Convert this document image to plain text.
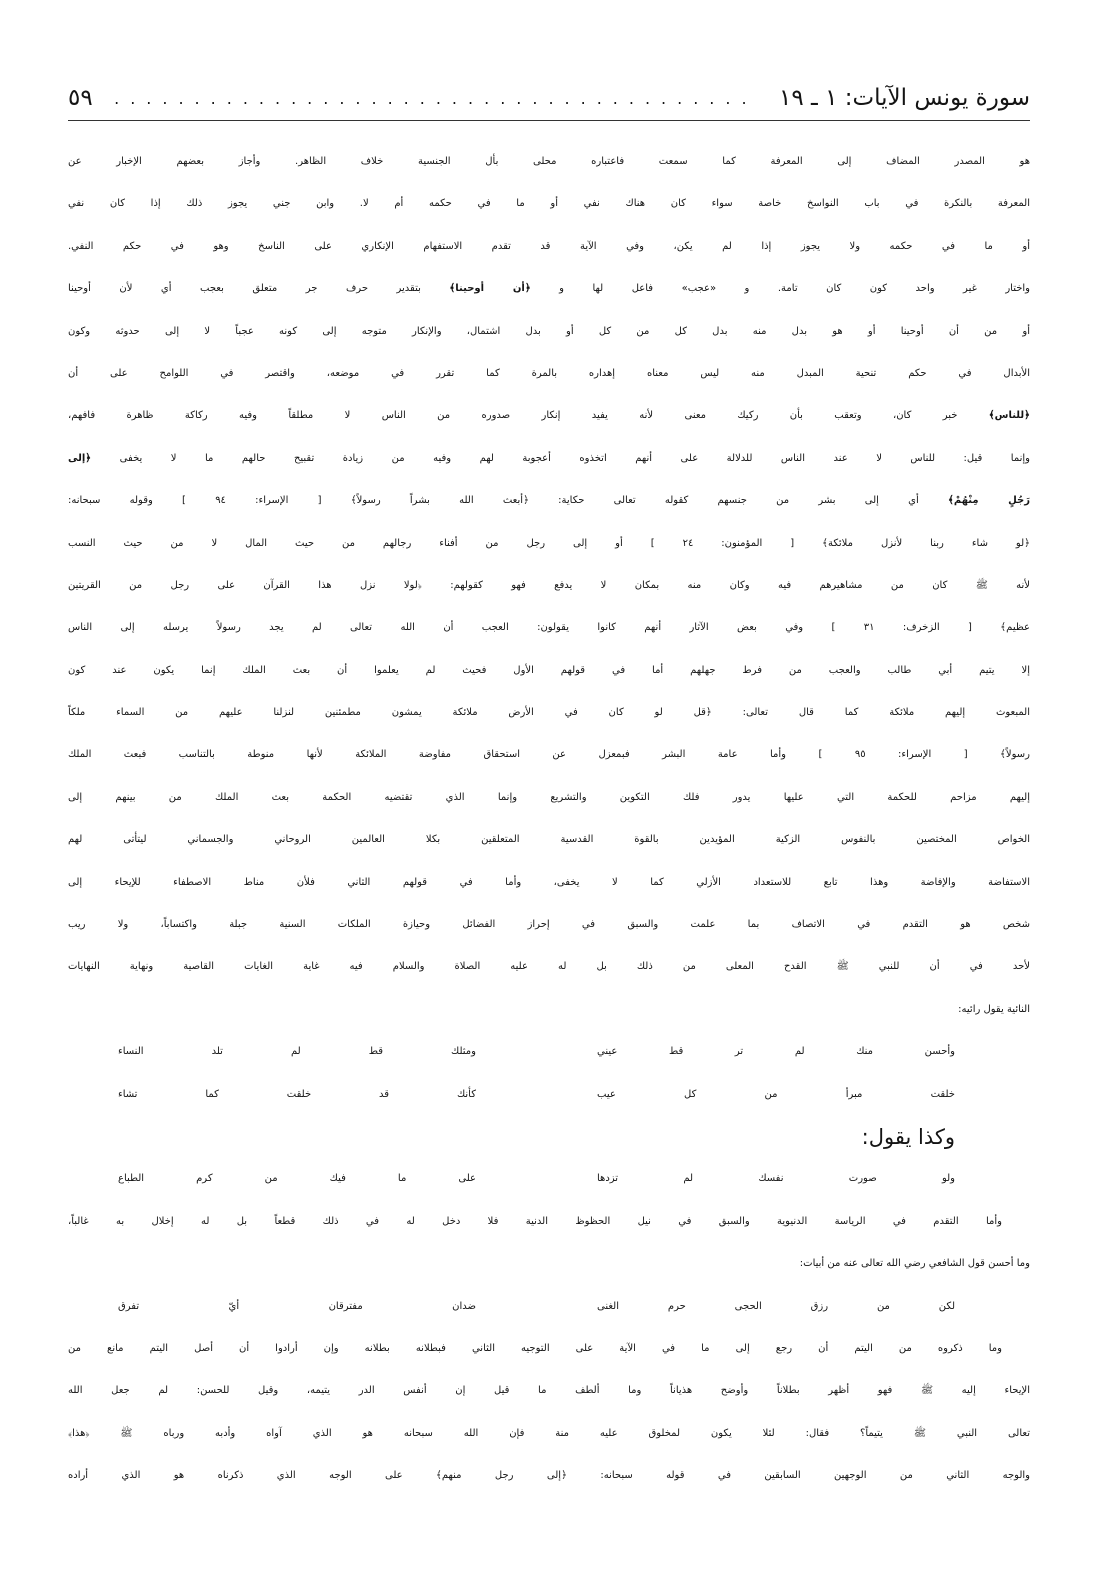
سورة يونس الآيات: ١ ـ ١٩
........................................
٥٩
هو المصدر المضاف إلى المعرفة كما سمعت فاعتباره محلى بأل الجنسية خلاف الظاهر. وأجاز بعضهم الإخبار عن
المعرفة بالنكرة في باب النواسخ خاصة سواء كان هناك نفي أو ما في حكمه أم لا. وابن جني يجوز ذلك إذا كان نفي
أو ما في حكمه ولا يجوز إذا لم يكن، وفي الآية قد تقدم الاستفهام الإنكاري على الناسخ وهو في حكم النفي.
واختار غير واحد كون كان تامة. و «عجب» فاعل لها و ﴿أن أوحينا﴾ بتقدير حرف جر متعلق بعجب أي لأن أوحينا
أو من أن أوحينا أو هو بدل منه بدل كل من كل أو بدل اشتمال، والإنكار متوجه إلى كونه عجباً لا إلى حدوثه وكون
الأبدال في حكم تنحية المبدل منه ليس معناه إهداره بالمرة كما تقرر في موضعه، واقتصر في اللوامح على أن
﴿للناس﴾ خبر كان، وتعقب بأن ركيك معنى لأنه يفيد إنكار صدوره من الناس لا مطلقاً وفيه ركاكة ظاهرة فافهم،
وإنما قيل: للناس لا عند الناس للدلالة على أنهم اتخذوه أعجوبة لهم وفيه من زيادة تقبيح حالهم ما لا يخفى ﴿إلى
رَجُلٍ مِنْهُمْ﴾ أي إلى بشر من جنسهم كقوله تعالى حكاية: ﴿أبعث الله بشراً رسولاً﴾ [ الإسراء: ٩٤ ] وقوله سبحانه:
﴿لو شاء ربنا لأنزل ملائكة﴾ [ المؤمنون: ٢٤ ] أو إلى رجل من أفناء رجالهم من حيث المال لا من حيث النسب
لأنه ﷺ كان من مشاهيرهم فيه وكان منه بمكان لا يدفع فهو كقولهم: ﴿لولا نزل هذا القرآن على رجل من القريتين
عظيم﴾ [ الزخرف: ٣١ ] وفي بعض الآثار أنهم كانوا يقولون: العجب أن الله تعالى لم يجد رسولاً يرسله إلى الناس
إلا يتيم أبي طالب والعجب من فرط جهلهم أما في قولهم الأول فحيث لم يعلموا أن بعث الملك إنما يكون عند كون
المبعوث إليهم ملائكة كما قال تعالى: ﴿قل لو كان في الأرض ملائكة يمشون مطمئنين لنزلنا عليهم من السماء ملكاً
رسولاً﴾ [ الإسراء: ٩٥ ] وأما عامة البشر فبمعزل عن استحقاق مفاوضة الملائكة لأنها منوطة بالتناسب فبعث الملك
إليهم مزاحم للحكمة التي عليها يدور فلك التكوين والتشريع وإنما الذي تقتضيه الحكمة بعث الملك من بينهم إلى
الخواص المختصين بالنفوس الزكية المؤيدين بالقوة القدسية المتعلقين بكلا العالمين الروحاني والجسماني ليتأتى لهم
الاستفاضة والإفاضة وهذا تابع للاستعداد الأزلي كما لا يخفى، وأما في قولهم الثاني فلأن مناط الاصطفاء للإيحاء إلى
شخص هو التقدم في الاتصاف بما علمت والسبق في إحراز الفضائل وحيازة الملكات السنية جبلة واكتساباً، ولا ريب
لأحد في أن للنبي ﷺ القدح المعلى من ذلك بل له عليه الصلاة والسلام فيه غاية الغايات القاصية ونهاية النهايات
النائية يقول رائيه:
وأحسن منك لم تر قط عيني
ومثلك قط لم تلد النساء
خلقت مبرأ من كل عيب
كأنك قد خلقت كما تشاء
وكذا يقول:
ولو صورت نفسك لم تزدها
على ما فيك من كرم الطباع
وأما التقدم في الرياسة الدنيوية والسبق في نيل الحظوظ الدنية فلا دخل له في ذلك قطعاً بل له إخلال به غالباً،
وما أحسن قول الشافعي رضي الله تعالى عنه من أبيات:
لكن من رزق الحجى حرم الغنى
ضدان مفترقان أيّ تفرق
وما ذكروه من اليتم أن رجع إلى ما في الآية على التوجيه الثاني فبطلانه بطلانه وإن أرادوا أن أصل اليتم مانع من
الإيحاء إليه ﷺ فهو أظهر بطلاناً وأوضح هذياناً وما ألطف ما قيل إن أنفس الدر يتيمه، وقيل للحسن: لم جعل الله
تعالى النبي ﷺ يتيماً؟ فقال: لئلا يكون لمخلوق عليه منة فإن الله سبحانه هو الذي آواه وأدبه ورباه ﷺ ﴿هذا﴾
والوجه الثاني من الوجهين السابقين في قوله سبحانه: ﴿إلى رجل منهم﴾ على الوجه الذي ذكرناه هو الذي أراده
